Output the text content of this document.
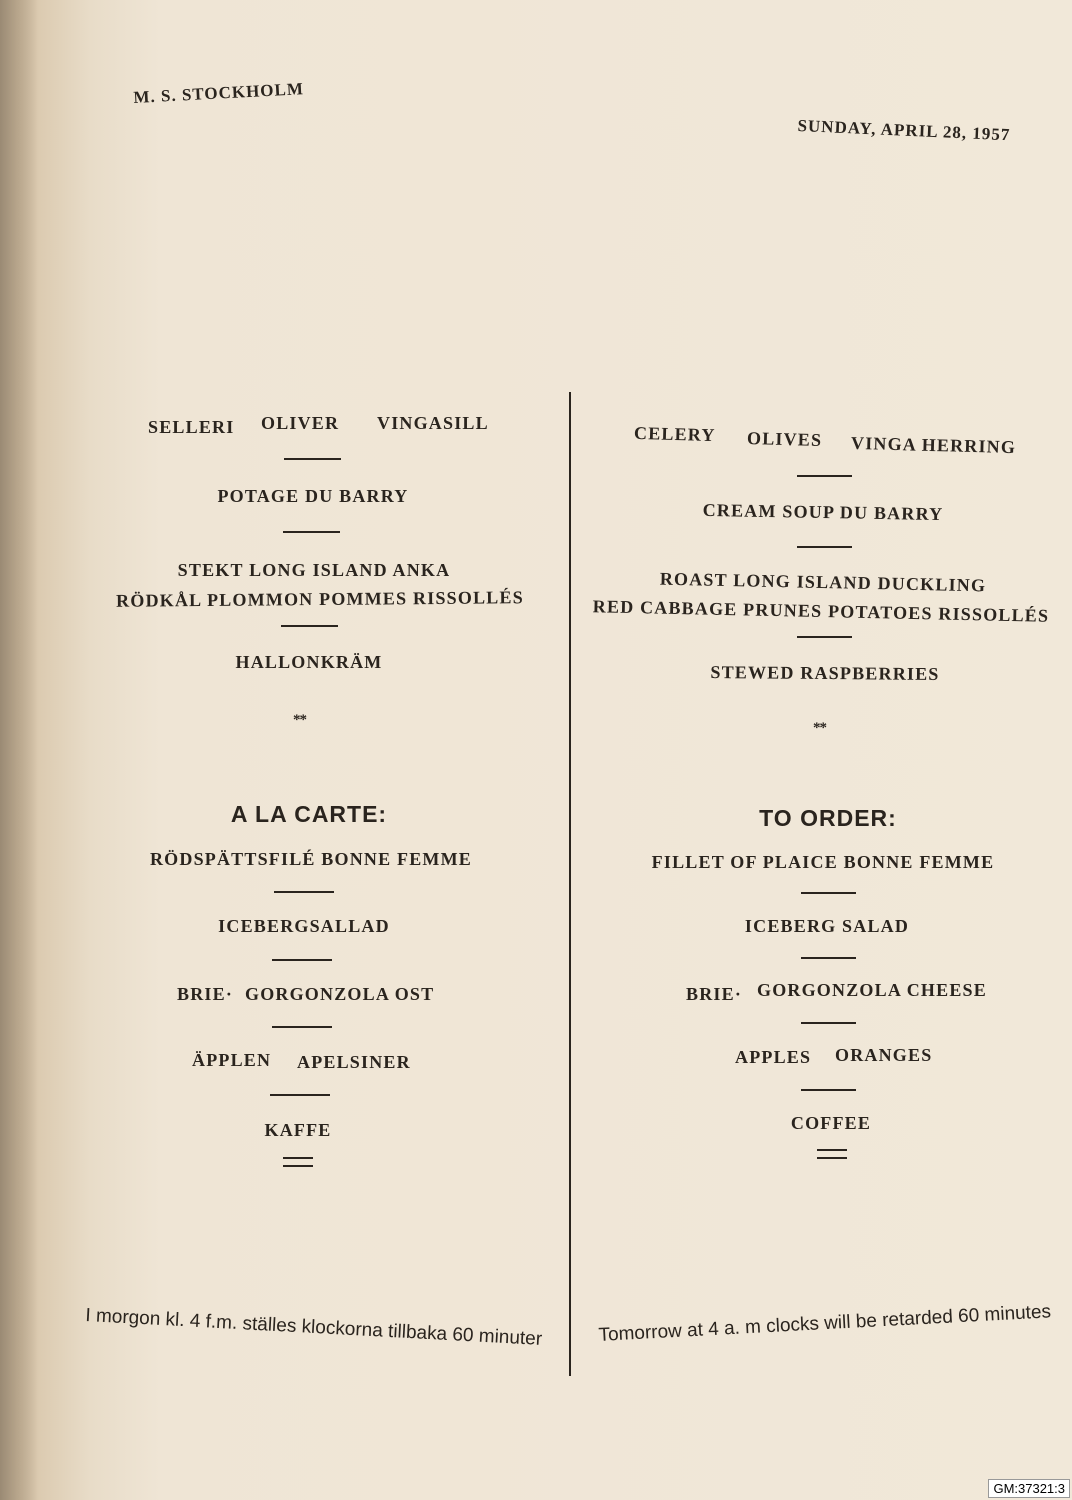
M. S. STOCKHOLM
SUNDAY, APRIL 28, 1957
SELLERI OLIVER VINGASILL
POTAGE DU BARRY
STEKT LONG ISLAND ANKA
RÖDKÅL PLOMMON POMMES RISSOLLÉS
HALLONKRÄM
**
A LA CARTE:
RÖDSPÄTTSFILÉ BONNE FEMME
ICEBERGSALLAD
BRIE· GORGONZOLA OST
ÄPPLEN APELSINER
KAFFE
I morgon kl. 4 f.m. ställes klockorna tillbaka 60 minuter
CELERY OLIVES VINGA HERRING
CREAM SOUP DU BARRY
ROAST LONG ISLAND DUCKLING
RED CABBAGE PRUNES POTATOES RISSOLLÉS
STEWED RASPBERRIES
**
TO ORDER:
FILLET OF PLAICE BONNE FEMME
ICEBERG SALAD
BRIE· GORGONZOLA CHEESE
APPLES ORANGES
COFFEE
Tomorrow at 4 a. m clocks will be retarded 60 minutes
GM:37321:3
